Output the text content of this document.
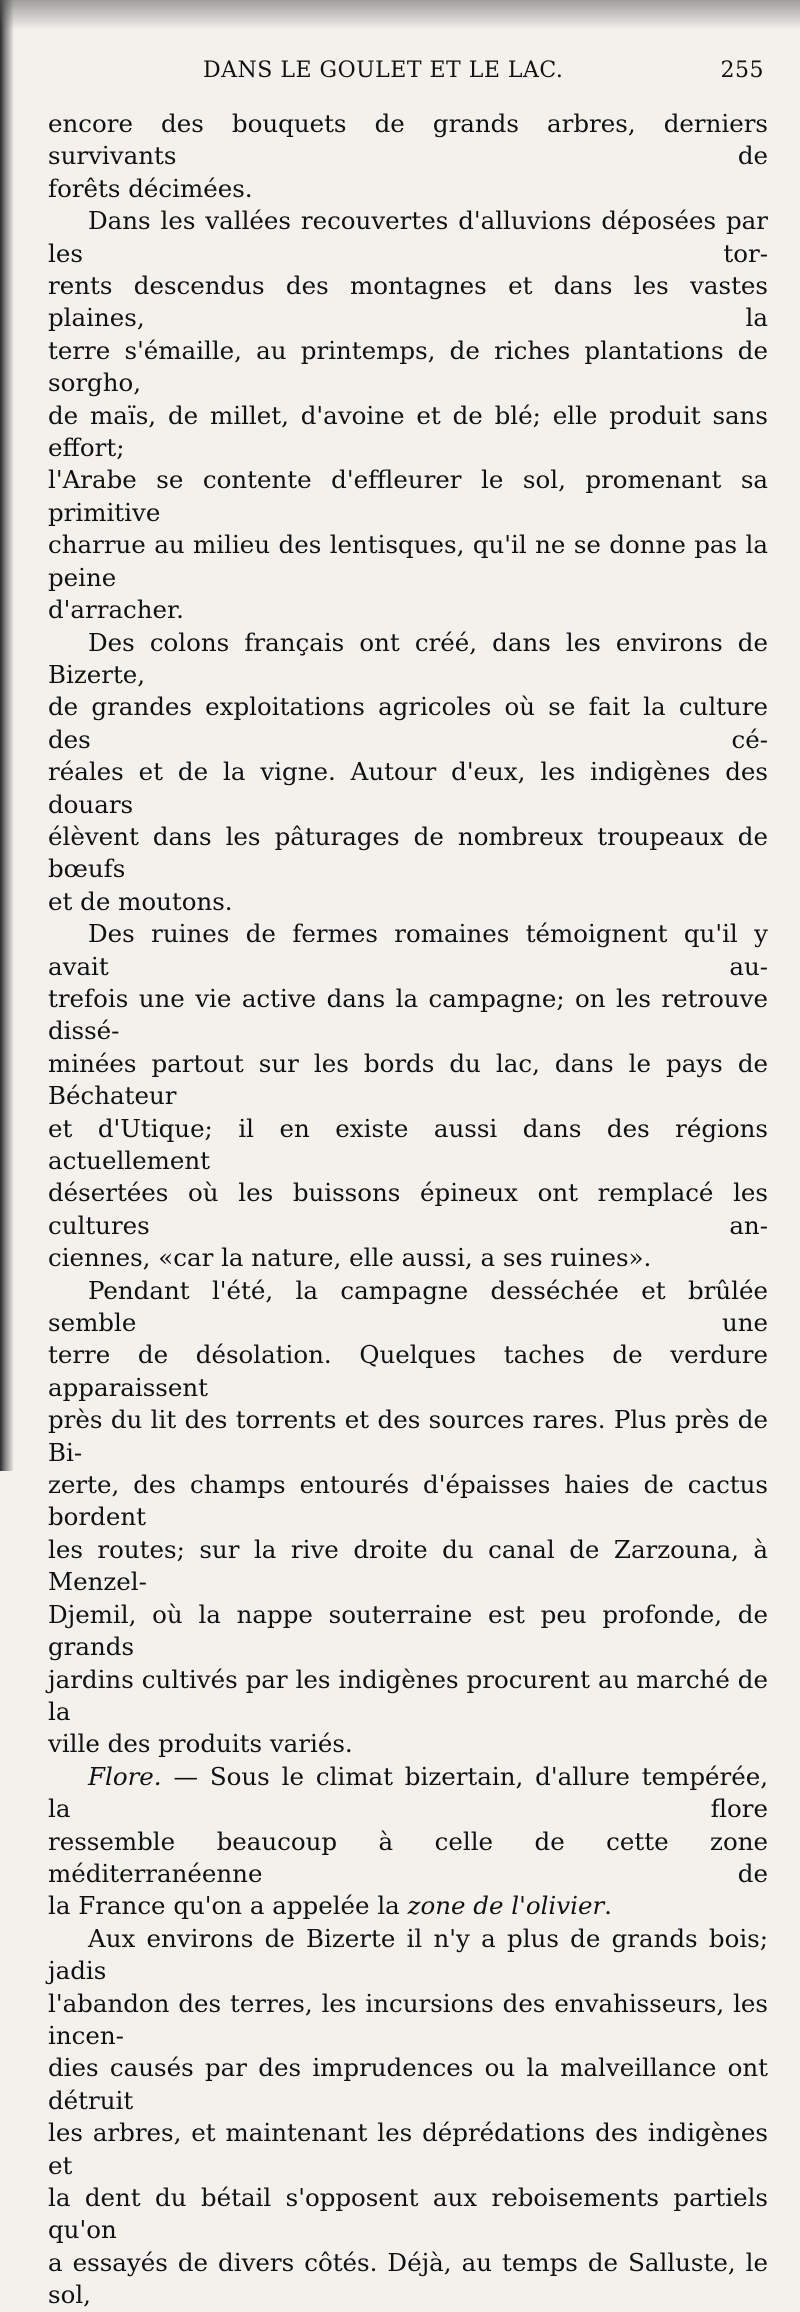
DANS LE GOULET ET LE LAC.	255

encore des bouquets de grands arbres, derniers survivants de
forêts décimées.

Dans les vallées recouvertes d'alluvions déposées par les tor-
rents descendus des montagnes et dans les vastes plaines, la
terre s'émaille, au printemps, de riches plantations de sorgho,
de maïs, de millet, d'avoine et de blé; elle produit sans effort;
l'Arabe se contente d'effleurer le sol, promenant sa primitive
charrue au milieu des lentisques, qu'il ne se donne pas la peine
d'arracher.

Des colons français ont créé, dans les environs de Bizerte,
de grandes exploitations agricoles où se fait la culture des cé-
réales et de la vigne. Autour d'eux, les indigènes des douars
élèvent dans les pâturages de nombreux troupeaux de bœufs
et de moutons.

Des ruines de fermes romaines témoignent qu'il y avait au-
trefois une vie active dans la campagne; on les retrouve dissé-
minées partout sur les bords du lac, dans le pays de Béchateur
et d'Utique; il en existe aussi dans des régions actuellement
désertées où les buissons épineux ont remplacé les cultures an-
ciennes, «car la nature, elle aussi, a ses ruines».

Pendant l'été, la campagne desséchée et brûlée semble une
terre de désolation. Quelques taches de verdure apparaissent
près du lit des torrents et des sources rares. Plus près de Bi-
zerte, des champs entourés d'épaisses haies de cactus bordent
les routes; sur la rive droite du canal de Zarzouna, à Menzel-
Djemil, où la nappe souterraine est peu profonde, de grands
jardins cultivés par les indigènes procurent au marché de la
ville des produits variés.

Flore. — Sous le climat bizertain, d'allure tempérée, la flore
ressemble beaucoup à celle de cette zone méditerranéenne de
la France qu'on a appelée la zone de l'olivier.

Aux environs de Bizerte il n'y a plus de grands bois; jadis
l'abandon des terres, les incursions des envahisseurs, les incen-
dies causés par des imprudences ou la malveillance ont détruit
les arbres, et maintenant les déprédations des indigènes et
la dent du bétail s'opposent aux reboisements partiels qu'on
a essayés de divers côtés. Déjà, au temps de Salluste, le sol,
